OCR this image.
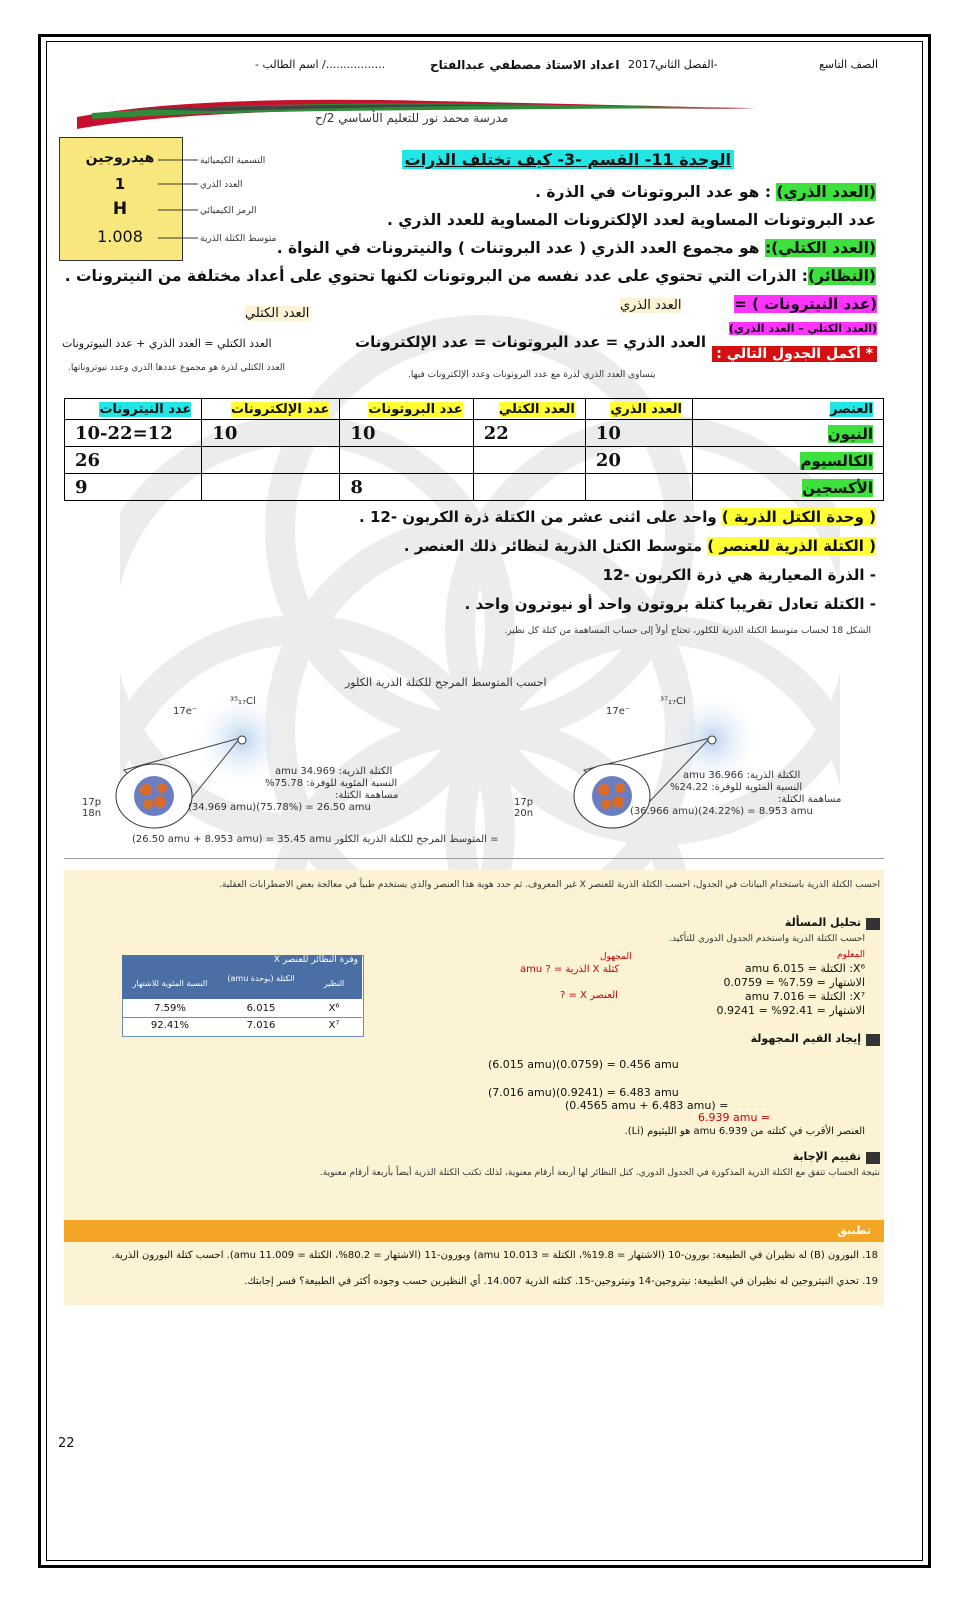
الصف التاسع
الفصل الثاني-
2017
اعداد الاستاذ مصطفي عبدالفتاح
- اسم الطالب /.................
مدرسة محمد نور للتعليم الأساسي 2/ح
هيدروجين
1
H
1.008
التسمية الكيميائية
العدد الذري
الرمز الكيميائي
متوسط الكتلة الذرية
الوحدة 11- القسم -3- كيف تختلف الذرات
(العدد الذري) : هو عدد البروتونات في الذرة .
عدد البروتونات المساوية لعدد الإلكترونات المساوية للعدد الذري .
(العدد الكتلي): هو مجموع العدد الذري ( عدد البروتنات ) والنيترونات في النواة .
(النظائر): الذرات التي تحتوي على عدد نفسه من البروتونات لكنها تحتوي على أعداد مختلفة من النيترونات .
(عدد النيترونات ) =
(العدد الكتلي – العدد الذري)
* أكمل الجدول التالي :
العدد الذري
العدد الذري = عدد البروتونات = عدد الإلكترونات
يتساوى العدد الذري لذرة مع عدد البروتونات وعدد الإلكترونات فيها.
العدد الكتلي
العدد الكتلي = العدد الذري + عدد النيوترونات
العدد الكتلي لذرة هو مجموع عددها الذري وعدد نيوتروناتها.
العنصر	العدد الذري	العدد الكتلي	عدد البروتونات	عدد الإلكترونات	عدد النيترونات
النيون	10	22	10	10	12=10-22
الكالسيوم	20				26
الأكسجين			8		9
( وحدة الكتل الذرية ) واحد على اثنى عشر من الكتلة ذرة الكربون -12 .
( الكتلة الذرية للعنصر ) متوسط الكتل الذرية لنظائر ذلك العنصر .
- الذرة المعيارية هي ذرة الكربون -12
- الكتلة تعادل تقريبا كتلة بروتون واحد أو نيوترون واحد .
الشكل 18 لحساب متوسط الكتلة الذرية للكلور، تحتاج أولاً إلى حساب المساهمة من كتلة كل نظير.
احسب المتوسط المرجح للكتلة الذرية الكلور
17e⁻
³⁵₁₇Cl
17p 18n
الكتلة الذرية: 34.969 amu
النسبة المئوية للوفرة: 75.78%
مساهمة الكتلة:
(34.969 amu)(75.78%) = 26.50 amu
17e⁻
³⁷₁₇Cl
17p 20n
الكتلة الذرية: 36.966 amu
النسبة المئوية للوفرة: 24.22%
مساهمة الكتلة:
(36.966 amu)(24.22%) = 8.953 amu
(26.50 amu + 8.953 amu) = 35.45 amu المتوسط المرجح للكتلة الذرية الكلور =
احسب الكتلة الذرية باستخدام البيانات في الجدول، احسب الكتلة الذرية للعنصر X غير المعروف. ثم حدد هوية هذا العنصر والذي يستخدم طبياً في معالجة بعض الاضطرابات العقلية.
تحليل المسألة
احسب الكتلة الذرية واستخدم الجدول الدوري للتأكيد.
المعلوم
المجهول
X⁶: الكتلة = 6.015 amu
الاشتهار = 7.59% = 0.0759
X⁷: الكتلة = 7.016 amu
الاشتهار = 92.41% = 0.9241
كتلة X الذرية = ? amu
العنصر X = ?
وفرة النظائر للعنصر X
النظير
الكتلة (بوحدة amu)
النسبة المئوية للاشتهار
X⁶
6.015
7.59%
X⁷
7.016
92.41%
إيجاد القيم المجهولة
(6.015 amu)(0.0759) = 0.456 amu
(7.016 amu)(0.9241) = 6.483 amu
(0.4565 amu + 6.483 amu) =
6.939 amu =
العنصر الأقرب في كتلته من 6.939 amu هو الليثيوم (Li).
تقييم الإجابة
نتيجة الحساب تتفق مع الكتلة الذرية المذكورة في الجدول الدوري. كتل النظائر لها أربعة أرقام معنوية، لذلك تكتب الكتلة الذرية أيضاً بأربعة أرقام معنوية.
تطبيق
18. البورون (B) له نظيران في الطبيعة: بورون-10 (الاشتهار = 19.8%، الكتلة = 10.013 amu) وبورون-11 (الاشتهار = 80.2%، الكتلة = 11.009 amu). احسب كتلة البورون الذرية.
19. تحدي النيتروجين له نظيران في الطبيعة: نيتروجين-14 ونيتروجين-15. كتلته الذرية 14.007. أي النظيرين حسب وجوده أكثر في الطبيعة؟ فسر إجابتك.
22
